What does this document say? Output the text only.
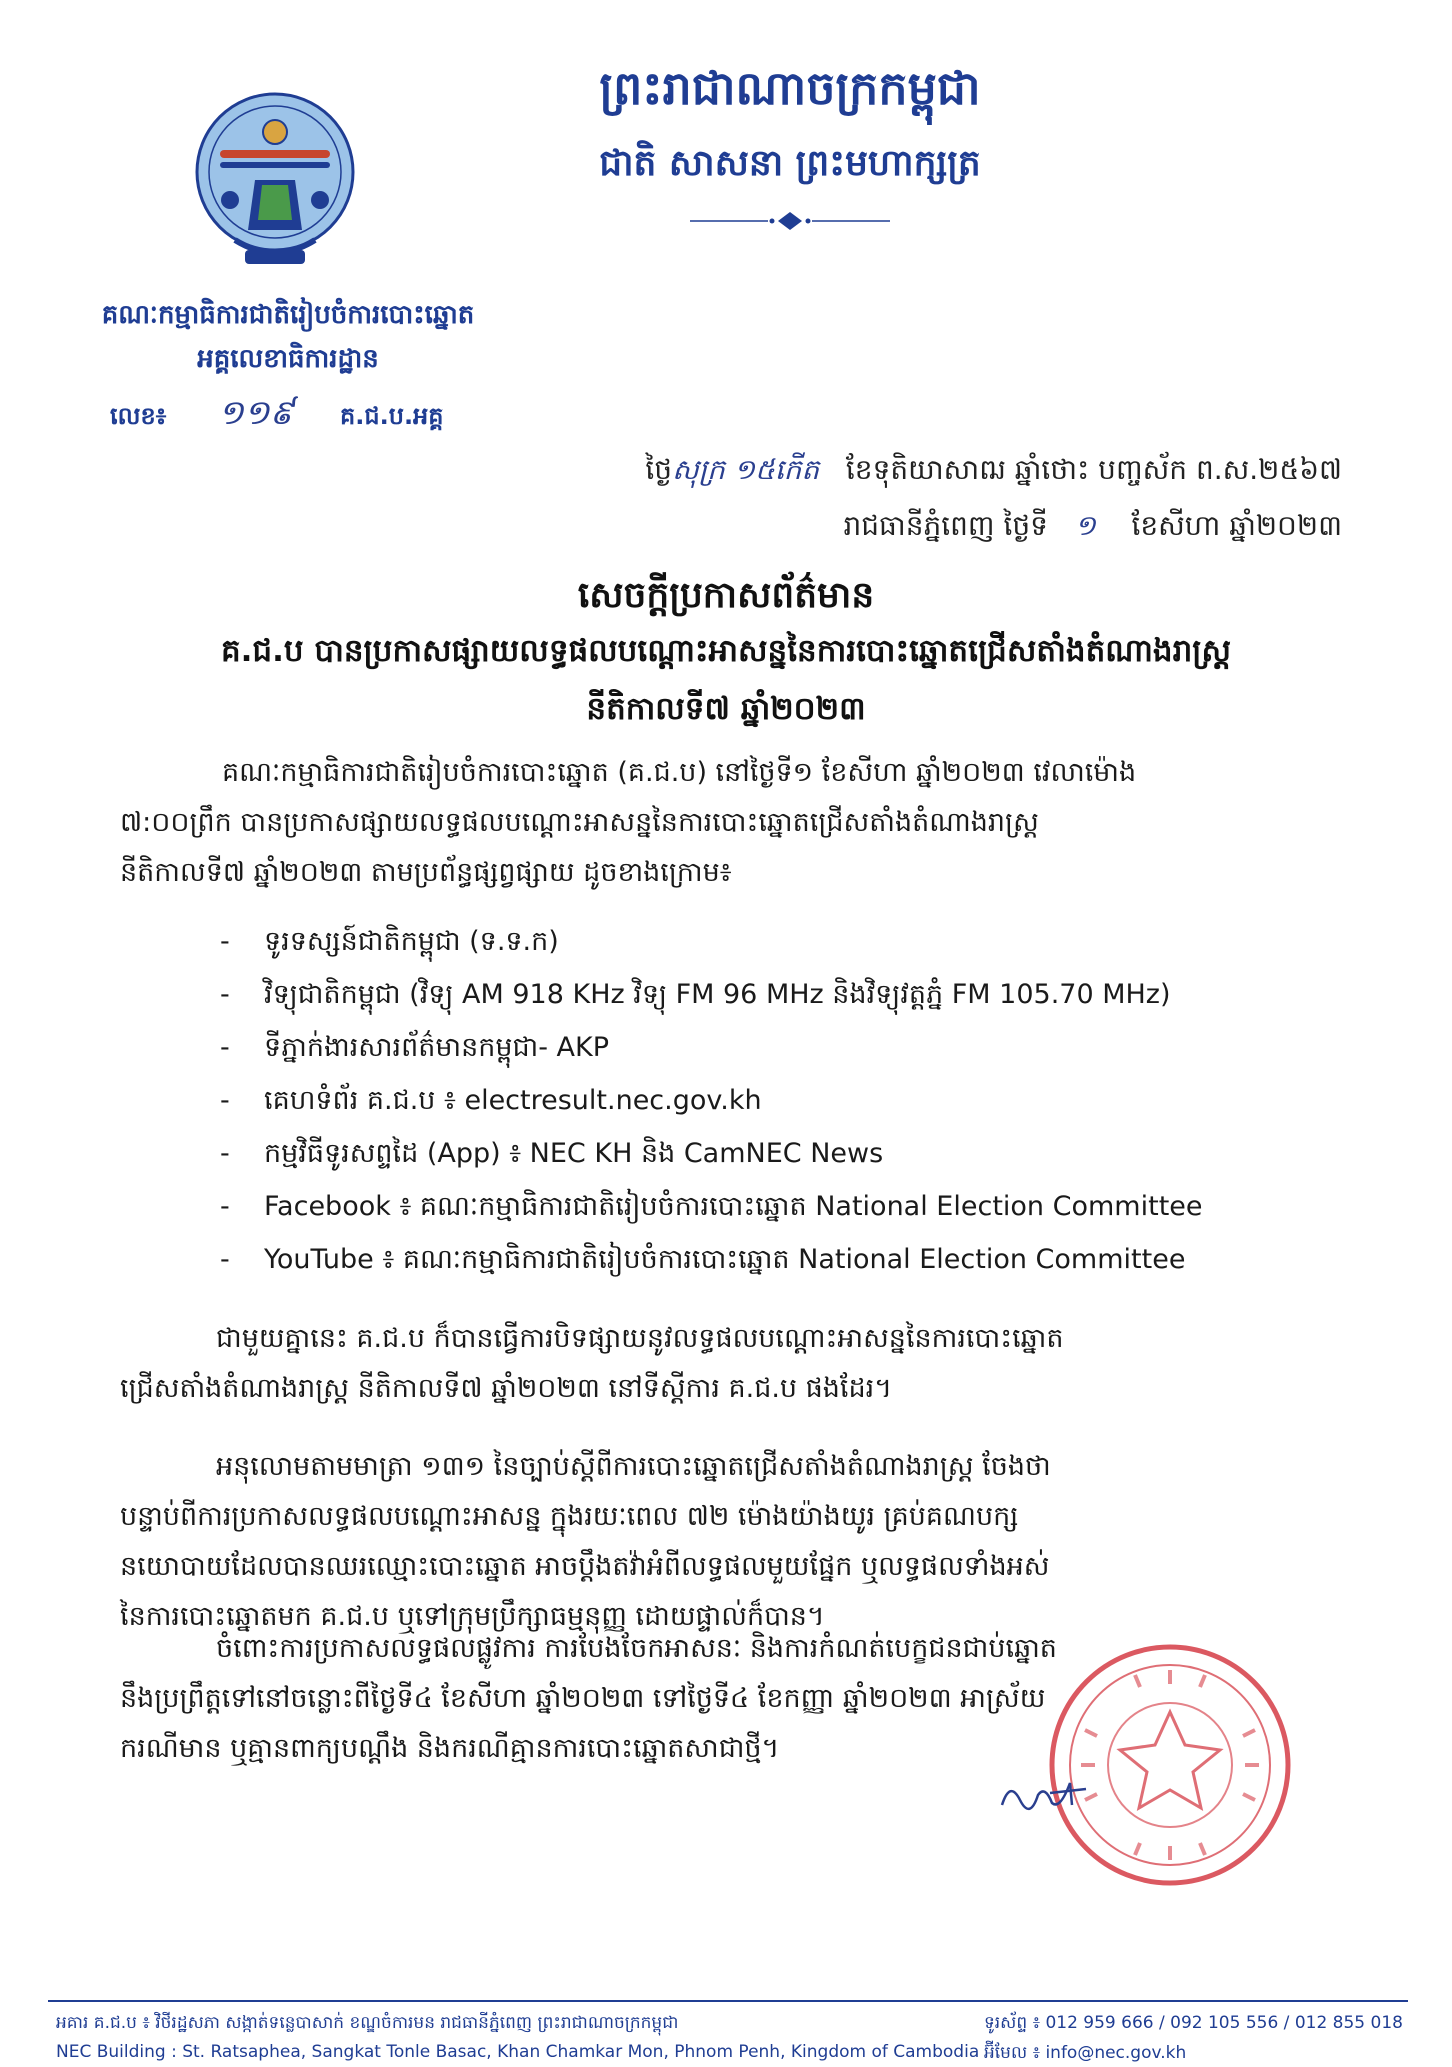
ព្រះរាជាណាចក្រកម្ពុជា
ជាតិ សាសនា ព្រះមហាក្សត្រ
គណៈកម្មាធិការជាតិរៀបចំការបោះឆ្នោត
អគ្គលេខាធិការដ្ឋាន
លេខ៖ ១១៩ គ.ជ.ប.អគ្គ
ថ្ងៃសុក្រ ១៥កើត ខែទុតិយាសាឍ ឆ្នាំថោះ បញ្ចស័ក ព.ស.២៥៦៧
រាជធានីភ្នំពេញ ថ្ងៃទី ១ ខែសីហា ឆ្នាំ២០២៣
សេចក្តីប្រកាសព័ត៌មាន
គ.ជ.ប បានប្រកាសផ្សាយលទ្ធផលបណ្ដោះអាសន្ននៃការបោះឆ្នោតជ្រើសតាំងតំណាងរាស្ត្រ
នីតិកាលទី៧ ឆ្នាំ២០២៣
គណៈកម្មាធិការជាតិរៀបចំការបោះឆ្នោត (គ.ជ.ប) នៅថ្ងៃទី១ ខែសីហា ឆ្នាំ២០២៣ វេលាម៉ោង
៧:០០ព្រឹក បានប្រកាសផ្សាយលទ្ធផលបណ្ដោះអាសន្ននៃការបោះឆ្នោតជ្រើសតាំងតំណាងរាស្ត្រ
នីតិកាលទី៧ ឆ្នាំ២០២៣ តាមប្រព័ន្ធផ្សព្វផ្សាយ ដូចខាងក្រោម៖
- ទូរទស្សន៍ជាតិកម្ពុជា (ទ.ទ.ក)
- វិទ្យុជាតិកម្ពុជា (វិទ្យុ AM 918 KHz វិទ្យុ FM 96 MHz និងវិទ្យុវត្តភ្នំ FM 105.70 MHz)
- ទីភ្នាក់ងារសារព័ត៌មានកម្ពុជា- AKP
- គេហទំព័រ គ.ជ.ប ៖ electresult.nec.gov.kh
- កម្មវិធីទូរសព្ទដៃ (App) ៖ NEC KH និង CamNEC News
- Facebook ៖ គណៈកម្មាធិការជាតិរៀបចំការបោះឆ្នោត National Election Committee
- YouTube ៖ គណៈកម្មាធិការជាតិរៀបចំការបោះឆ្នោត National Election Committee
ជាមួយគ្នានេះ គ.ជ.ប ក៏បានធ្វើការបិទផ្សាយនូវលទ្ធផលបណ្ដោះអាសន្ននៃការបោះឆ្នោត
ជ្រើសតាំងតំណាងរាស្ត្រ នីតិកាលទី៧ ឆ្នាំ២០២៣ នៅទីស្ដីការ គ.ជ.ប ផងដែរ។
អនុលោមតាមមាត្រា ១៣១ នៃច្បាប់ស្ដីពីការបោះឆ្នោតជ្រើសតាំងតំណាងរាស្ត្រ ចែងថា
បន្ទាប់ពីការប្រកាសលទ្ធផលបណ្ដោះអាសន្ន ក្នុងរយៈពេល ៧២ ម៉ោងយ៉ាងយូរ គ្រប់គណបក្ស
នយោបាយដែលបានឈរឈ្មោះបោះឆ្នោត អាចប្ដឹងតវ៉ាអំពីលទ្ធផលមួយផ្នែក ឬលទ្ធផលទាំងអស់
នៃការបោះឆ្នោតមក គ.ជ.ប ឬទៅក្រុមប្រឹក្សាធម្មនុញ្ញ ដោយផ្ទាល់ក៏បាន។
ចំពោះការប្រកាសលទ្ធផលផ្លូវការ ការបែងចែកអាសនៈ និងការកំណត់បេក្ខជនជាប់ឆ្នោត
នឹងប្រព្រឹត្តទៅនៅចន្លោះពីថ្ងៃទី៤ ខែសីហា ឆ្នាំ២០២៣ ទៅថ្ងៃទី៤ ខែកញ្ញា ឆ្នាំ២០២៣ អាស្រ័យ
ករណីមាន ឬគ្មានពាក្យបណ្ដឹង និងករណីគ្មានការបោះឆ្នោតសាជាថ្មី។
អគារ គ.ជ.ប ៖ វិថីរដ្ឋសភា សង្កាត់ទន្លេបាសាក់ ខណ្ឌចំការមន រាជធានីភ្នំពេញ ព្រះរាជាណាចក្រកម្ពុជា
NEC Building : St. Ratsaphea, Sangkat Tonle Basac, Khan Chamkar Mon, Phnom Penh, Kingdom of Cambodia
ទូរស័ព្ទ ៖ 012 959 666 / 092 105 556 / 012 855 018
អ៊ីមែល ៖ info@nec.gov.kh
